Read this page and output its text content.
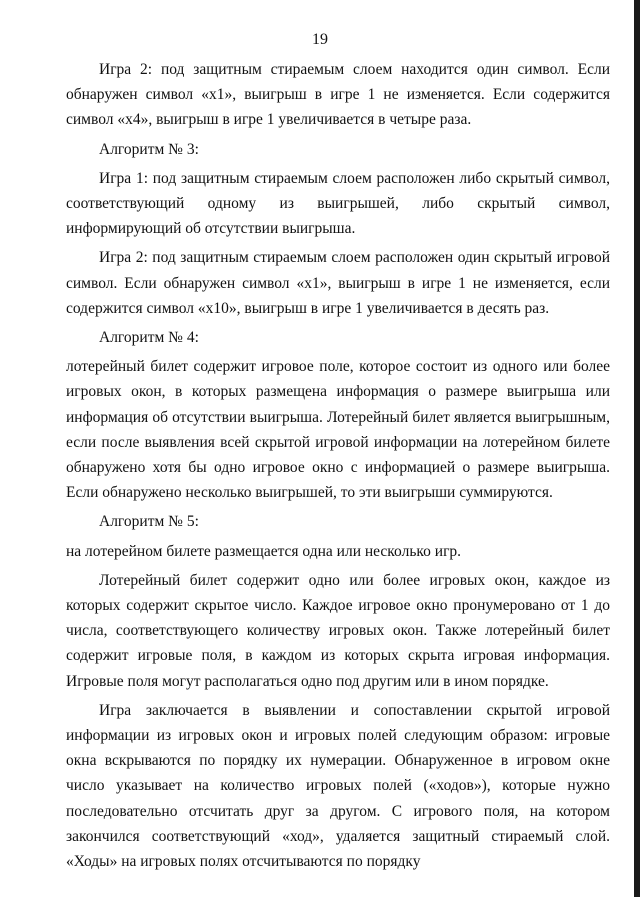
19

Игра 2: под защитным стираемым слоем находится один символ. Если обнаружен символ «x1», выигрыш в игре 1 не изменяется. Если содержится символ «x4», выигрыш в игре 1 увеличивается в четыре раза.

Алгоритм № 3:

Игра 1: под защитным стираемым слоем расположен либо скрытый символ, соответствующий одному из выигрышей, либо скрытый символ, информирующий об отсутствии выигрыша.

Игра 2: под защитным стираемым слоем расположен один скрытый игровой символ. Если обнаружен символ «x1», выигрыш в игре 1 не изменяется, если содержится символ «x10», выигрыш в игре 1 увеличивается в десять раз.

Алгоритм № 4:

лотерейный билет содержит игровое поле, которое состоит из одного или более игровых окон, в которых размещена информация о размере выигрыша или информация об отсутствии выигрыша. Лотерейный билет является выигрышным, если после выявления всей скрытой игровой информации на лотерейном билете обнаружено хотя бы одно игровое окно с информацией о размере выигрыша. Если обнаружено несколько выигрышей, то эти выигрыши суммируются.

Алгоритм № 5:

на лотерейном билете размещается одна или несколько игр.

Лотерейный билет содержит одно или более игровых окон, каждое из которых содержит скрытое число. Каждое игровое окно пронумеровано от 1 до числа, соответствующего количеству игровых окон. Также лотерейный билет содержит игровые поля, в каждом из которых скрыта игровая информация. Игровые поля могут располагаться одно под другим или в ином порядке.

Игра заключается в выявлении и сопоставлении скрытой игровой информации из игровых окон и игровых полей следующим образом: игровые окна вскрываются по порядку их нумерации. Обнаруженное в игровом окне число указывает на количество игровых полей («ходов»), которые нужно последовательно отсчитать друг за другом. С игрового поля, на котором закончился соответствующий «ход», удаляется защитный стираемый слой. «Ходы» на игровых полях отсчитываются по порядку
